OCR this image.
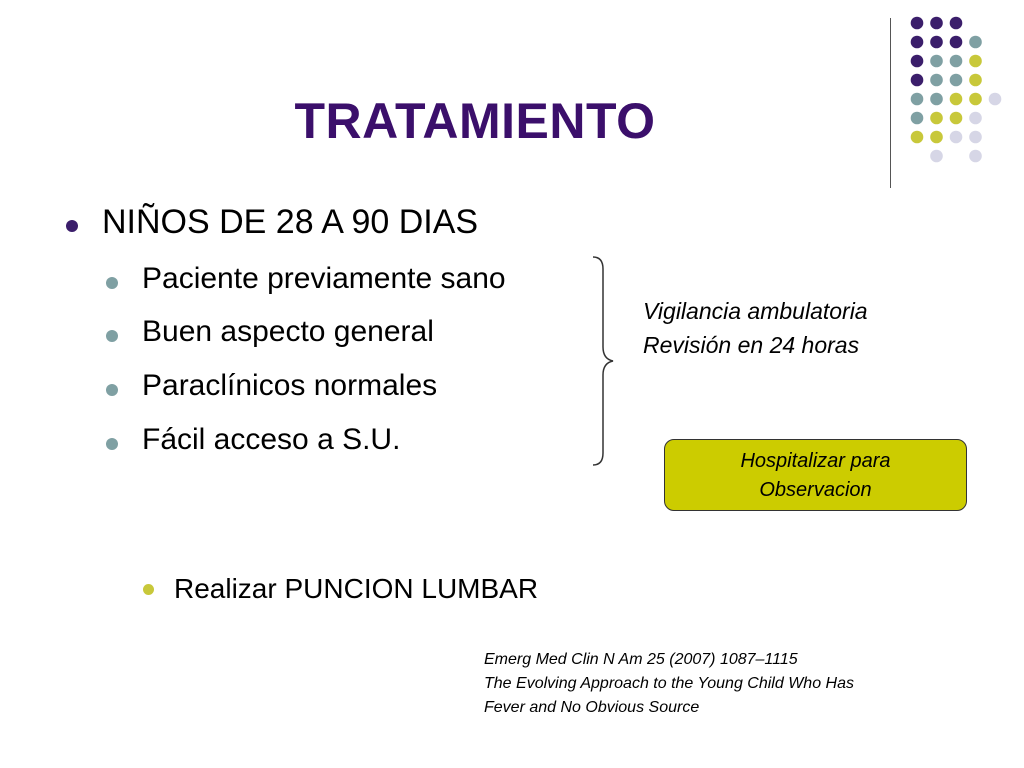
TRATAMIENTO
NIÑOS DE 28 A 90 DIAS
Paciente previamente sano
Buen aspecto general
Paraclínicos normales
Fácil acceso a S.U.
Vigilancia ambulatoria
Revisión en 24 horas
Hospitalizar para
Observacion
Realizar PUNCION LUMBAR
Emerg Med Clin N Am 25 (2007) 1087–1115
The Evolving Approach to the Young Child Who Has
Fever and No Obvious Source
